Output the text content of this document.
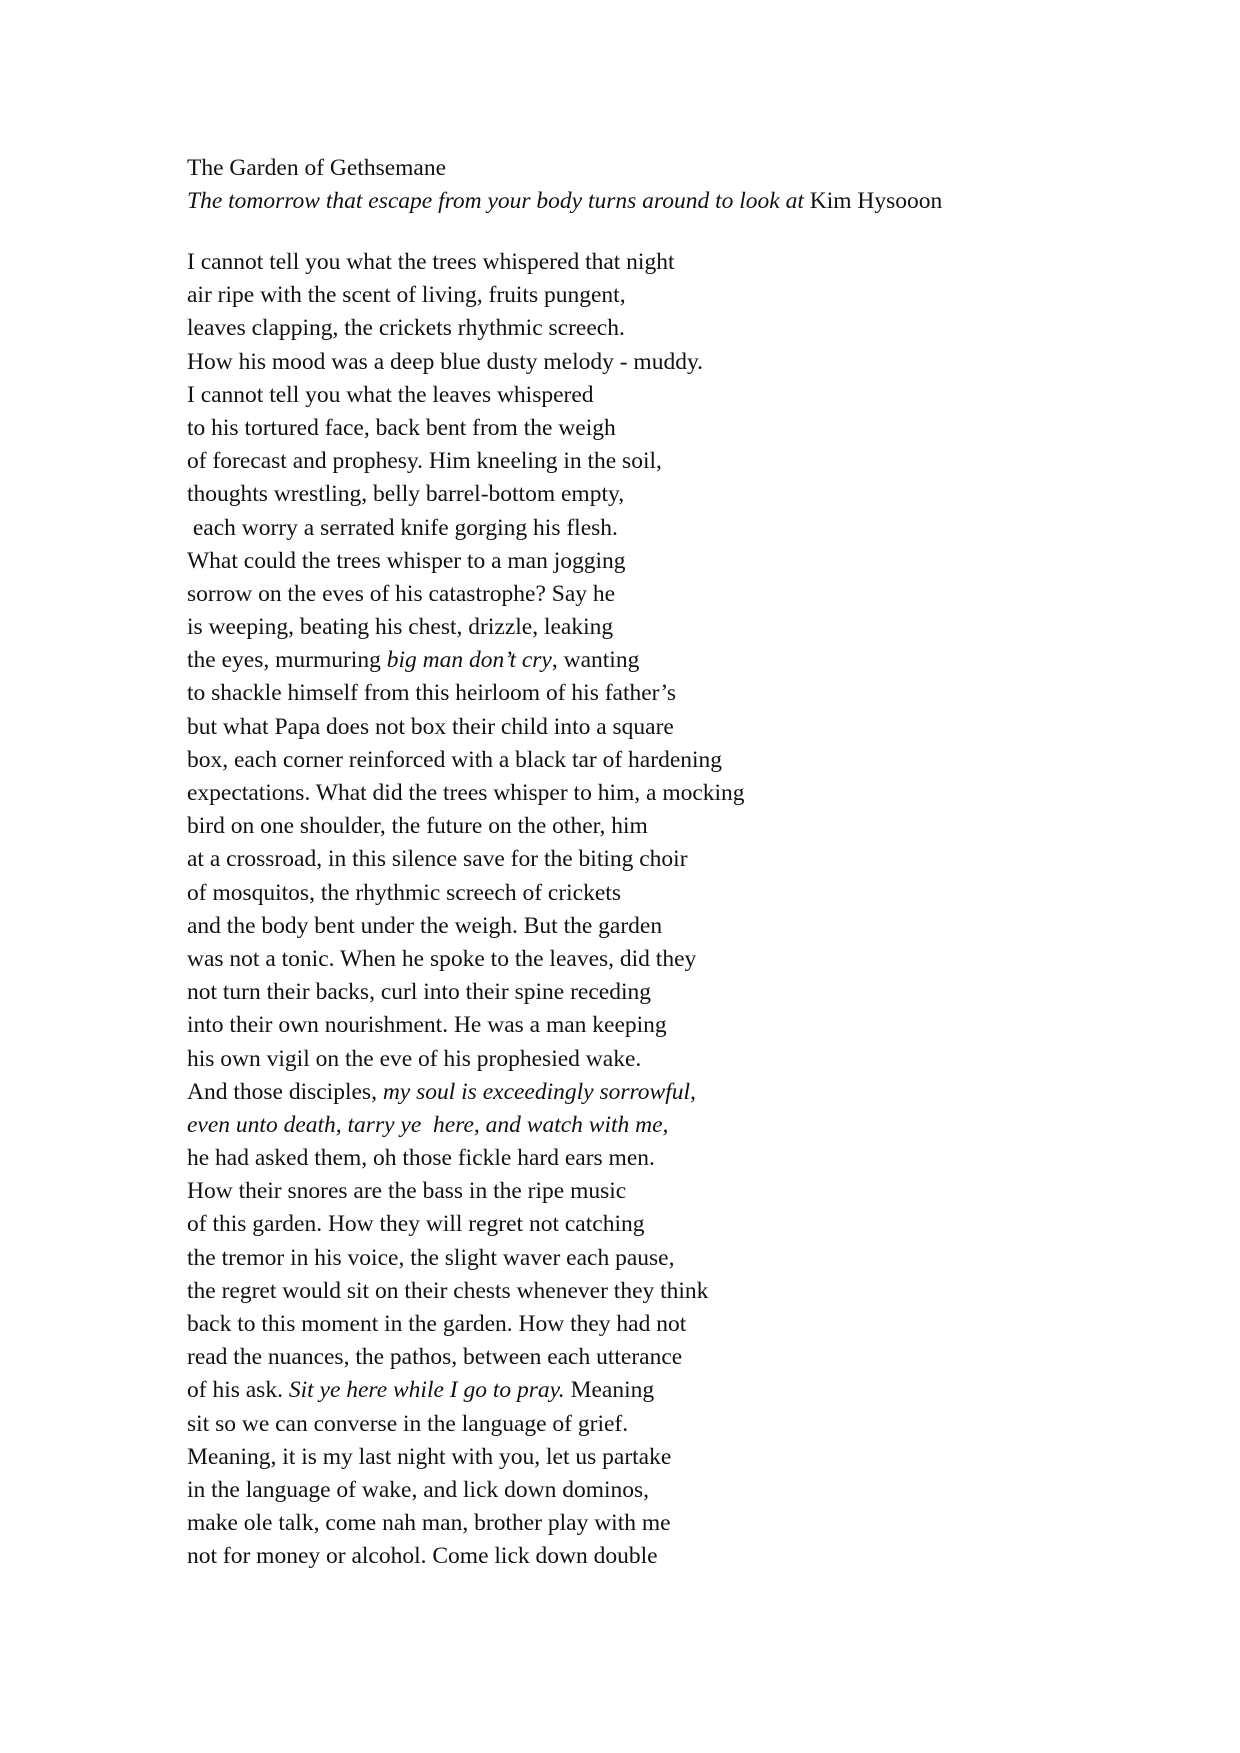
The Garden of Gethsemane
The tomorrow that escape from your body turns around to look at Kim Hysooon
I cannot tell you what the trees whispered that night
air ripe with the scent of living, fruits pungent,
leaves clapping, the crickets rhythmic screech.
How his mood was a deep blue dusty melody - muddy.
I cannot tell you what the leaves whispered
to his tortured face, back bent from the weigh
of forecast and prophesy. Him kneeling in the soil,
thoughts wrestling, belly barrel-bottom empty,
each worry a serrated knife gorging his flesh.
What could the trees whisper to a man jogging
sorrow on the eves of his catastrophe? Say he
is weeping, beating his chest, drizzle, leaking
the eyes, murmuring big man don’t cry, wanting
to shackle himself from this heirloom of his father’s
but what Papa does not box their child into a square
box, each corner reinforced with a black tar of hardening
expectations. What did the trees whisper to him, a mocking
bird on one shoulder, the future on the other, him
at a crossroad, in this silence save for the biting choir
of mosquitos, the rhythmic screech of crickets
and the body bent under the weigh. But the garden
was not a tonic. When he spoke to the leaves, did they
not turn their backs, curl into their spine receding
into their own nourishment. He was a man keeping
his own vigil on the eve of his prophesied wake.
And those disciples, my soul is exceedingly sorrowful,
even unto death, tarry ye  here, and watch with me,
he had asked them, oh those fickle hard ears men.
How their snores are the bass in the ripe music
of this garden. How they will regret not catching
the tremor in his voice, the slight waver each pause,
the regret would sit on their chests whenever they think
back to this moment in the garden. How they had not
read the nuances, the pathos, between each utterance
of his ask. Sit ye here while I go to pray. Meaning
sit so we can converse in the language of grief.
Meaning, it is my last night with you, let us partake
in the language of wake, and lick down dominos,
make ole talk, come nah man, brother play with me
not for money or alcohol. Come lick down double
